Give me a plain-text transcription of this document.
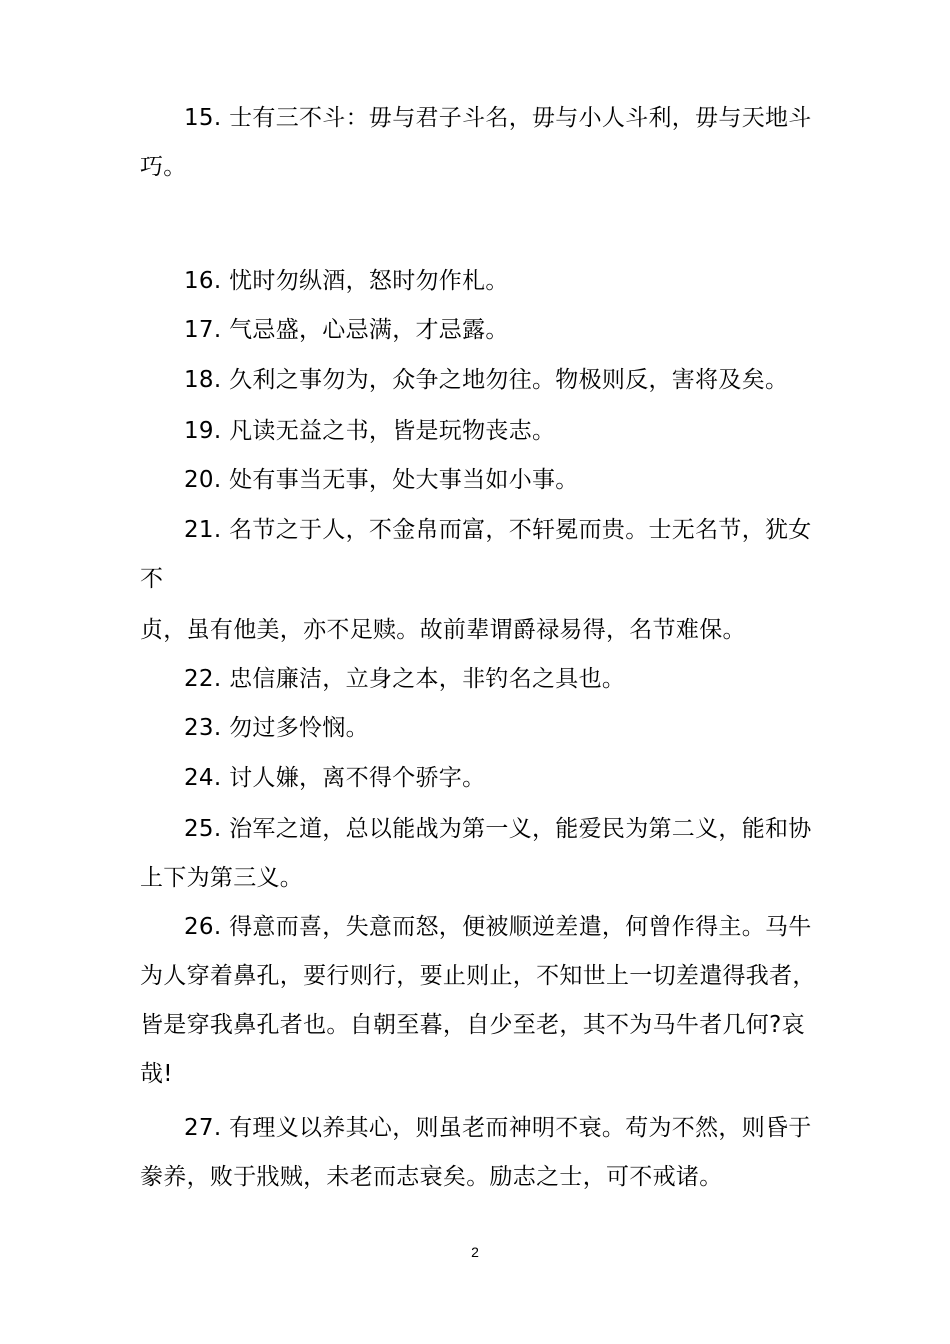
15. 士有三不斗：毋与君子斗名，毋与小人斗利，毋与天地斗巧。

16. 忧时勿纵酒，怒时勿作札。

17. 气忌盛，心忌满，才忌露。

18. 久利之事勿为，众争之地勿往。物极则反，害将及矣。

19. 凡读无益之书，皆是玩物丧志。

20. 处有事当无事，处大事当如小事。

21. 名节之于人，不金帛而富，不轩冕而贵。士无名节，犹女不

贞，虽有他美，亦不足赎。故前辈谓爵禄易得，名节难保。

22. 忠信廉洁，立身之本，非钓名之具也。

23. 勿过多怜悯。

24. 讨人嫌，离不得个骄字。

25. 治军之道，总以能战为第一义，能爱民为第二义，能和协上下为第三义。

26. 得意而喜，失意而怒，便被顺逆差遣，何曾作得主。马牛为人穿着鼻孔，要行则行，要止则止，不知世上一切差遣得我者，皆是穿我鼻孔者也。自朝至暮，自少至老，其不为马牛者几何?哀哉!

27. 有理义以养其心，则虽老而神明不衰。苟为不然，则昏于豢养，败于戕贼，未老而志衰矣。励志之士，可不戒诸。

2
